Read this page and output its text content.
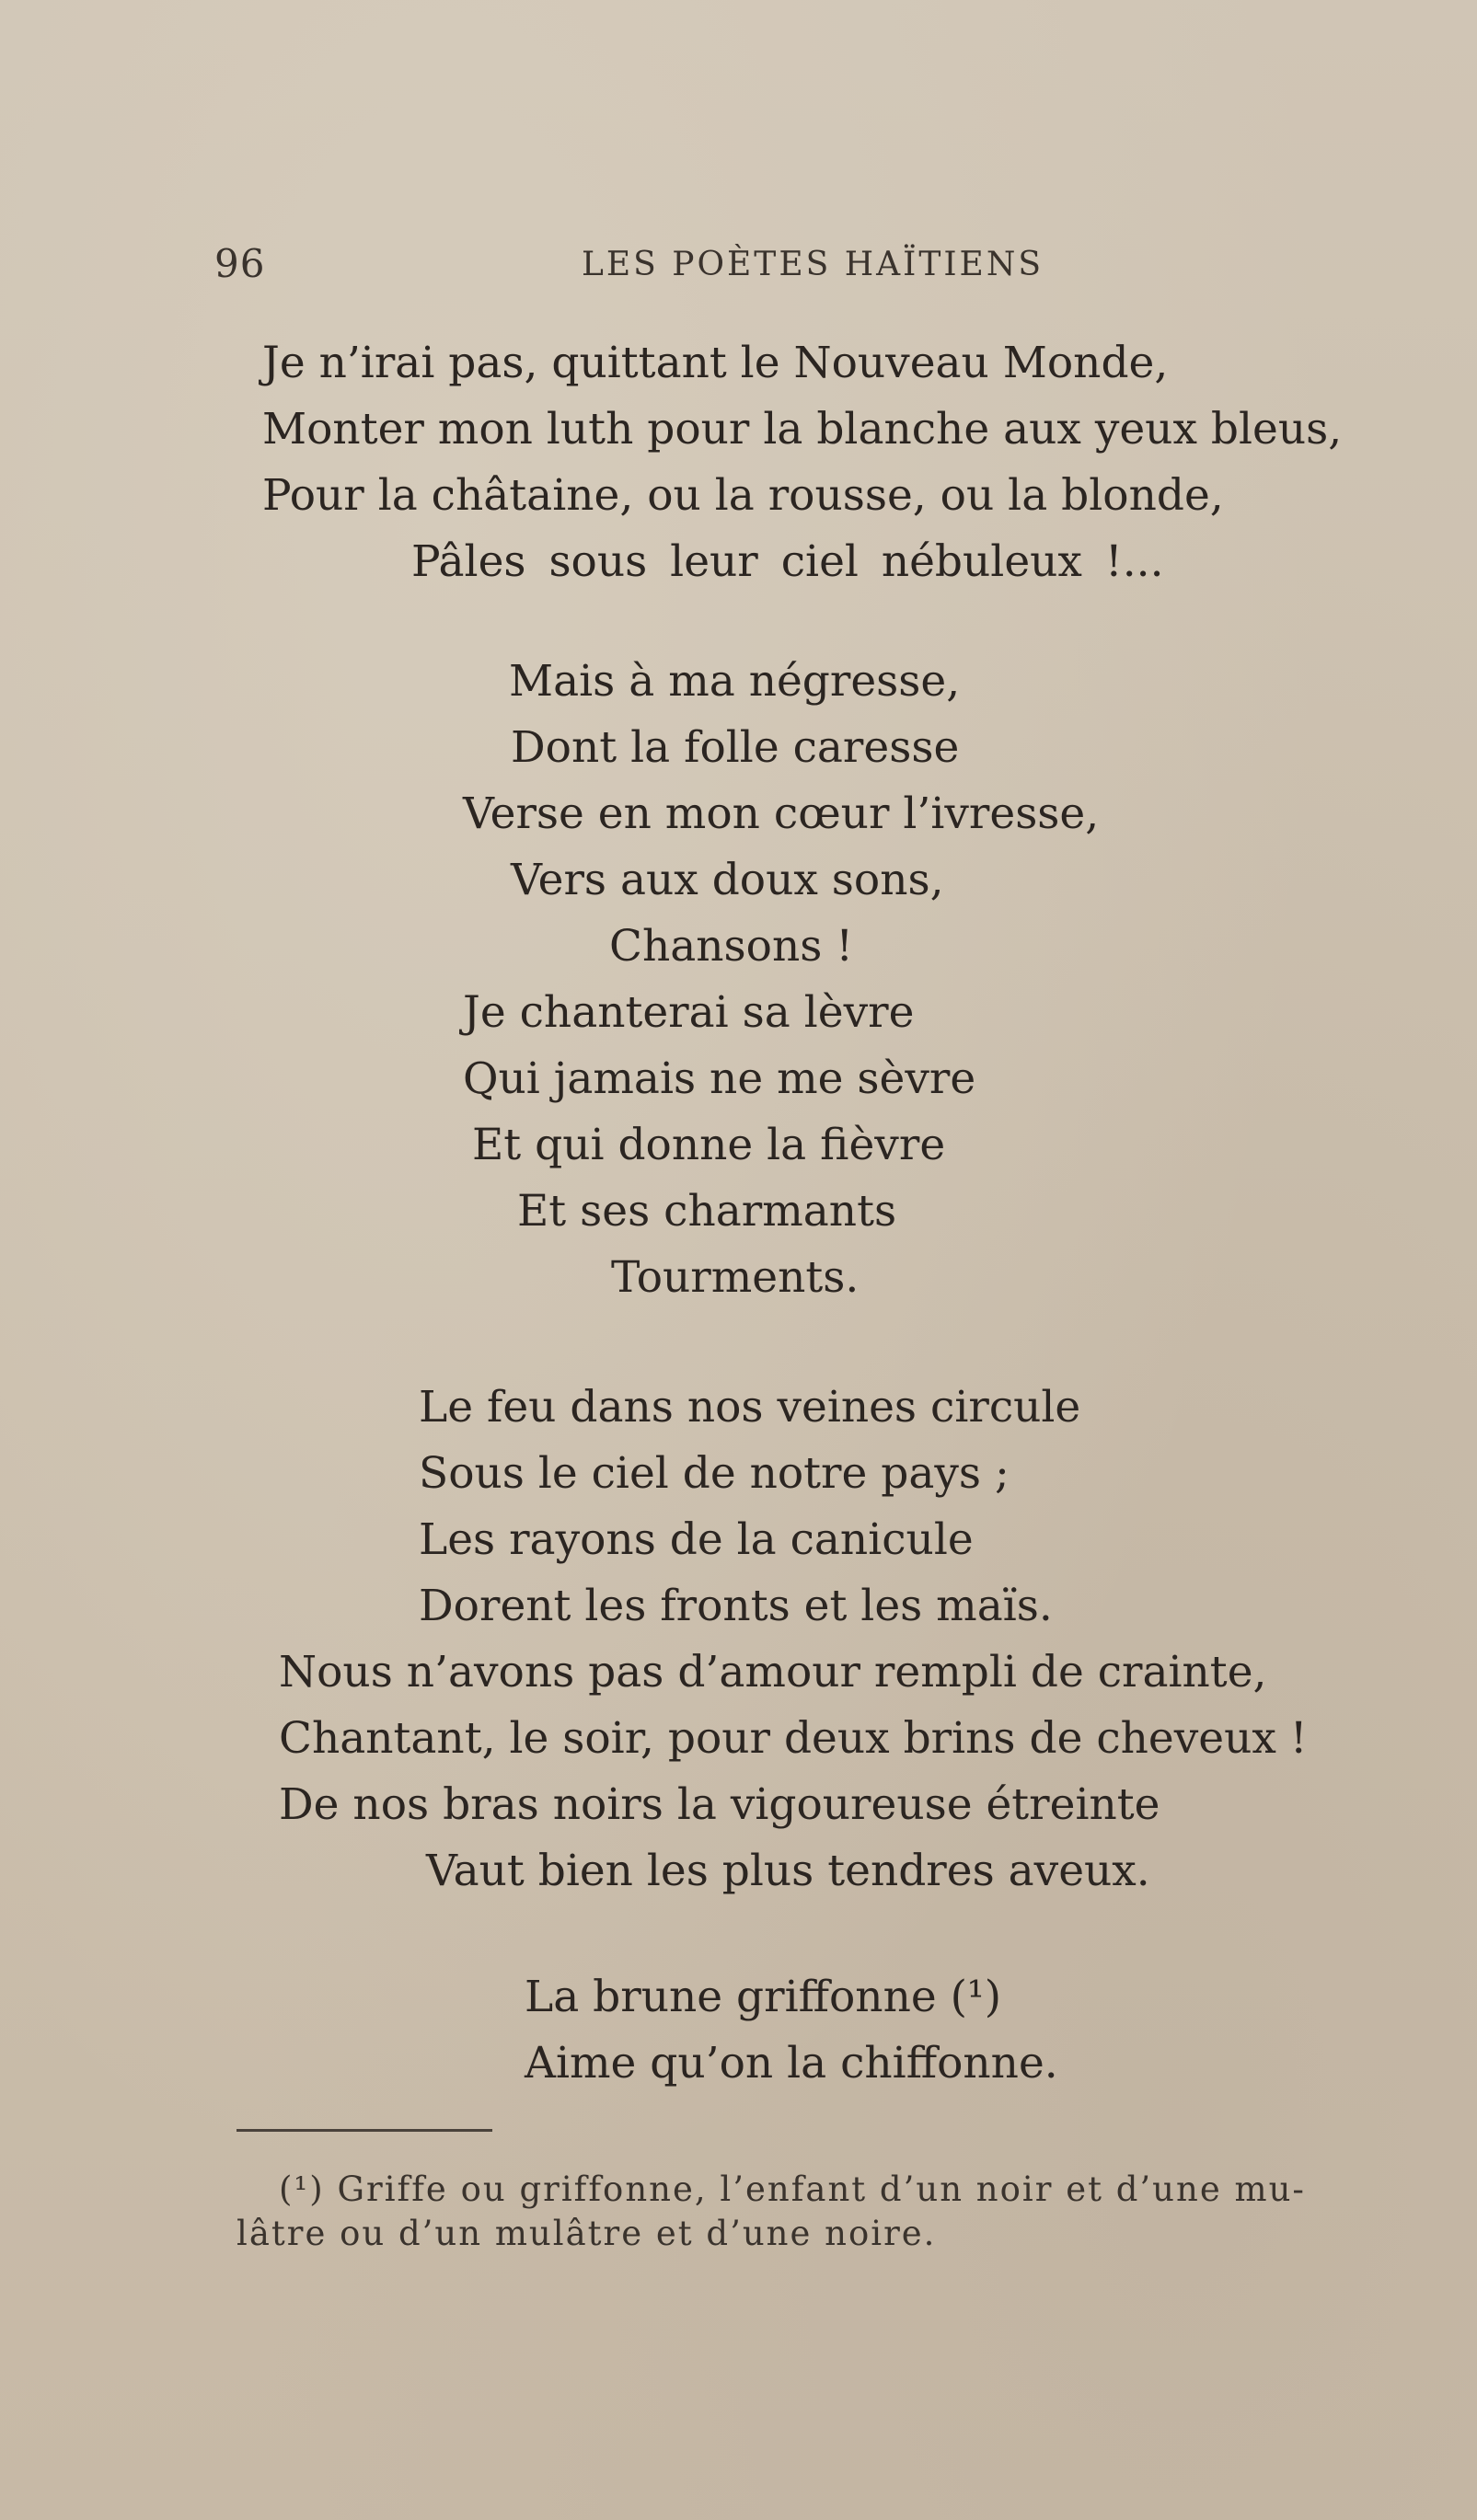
96	LES POÈTES HAÏTIENS
Je n’irai pas, quittant le Nouveau Monde,
Monter mon luth pour la blanche aux yeux bleus,
Pour la châtaine, ou la rousse, ou la blonde,
Pâles sous leur ciel nébuleux !...
Mais à ma négresse,
Dont la folle caresse
Verse en mon cœur l’ivresse,
Vers aux doux sons,
Chansons !
Je chanterai sa lèvre
Qui jamais ne me sèvre
Et qui donne la fièvre
Et ses charmants
Tourments.
Le feu dans nos veines circule
Sous le ciel de notre pays ;
Les rayons de la canicule
Dorent les fronts et les maïs.
Nous n’avons pas d’amour rempli de crainte,
Chantant, le soir, pour deux brins de cheveux !
De nos bras noirs la vigoureuse étreinte
Vaut bien les plus tendres aveux.
La brune griffonne (¹)
Aime qu’on la chiffonne.
(¹) Griffe ou griffonne, l’enfant d’un noir et d’une mu-
lâtre ou d’un mulâtre et d’une noire.
